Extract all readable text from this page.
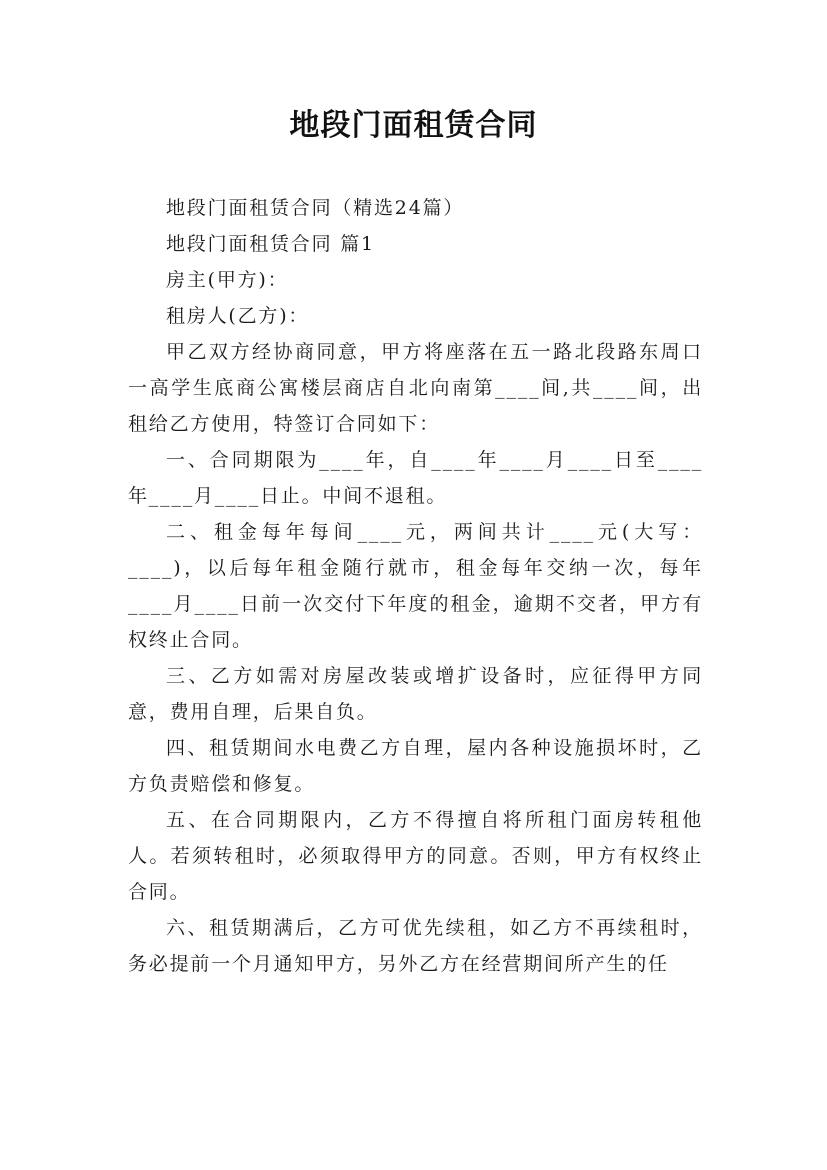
地段门面租赁合同

地段门面租赁合同（精选24篇）

地段门面租赁合同 篇1

房主(甲方)：

租房人(乙方)：

甲乙双方经协商同意，甲方将座落在五一路北段路东周口一高学生底商公寓楼层商店自北向南第____间,共____间，出租给乙方使用，特签订合同如下：

一、合同期限为____年，自____年____月____日至____年____月____日止。中间不退租。

二、租金每年每间____元，两间共计____元(大写：____)，以后每年租金随行就市，租金每年交纳一次，每年____月____日前一次交付下年度的租金，逾期不交者，甲方有权终止合同。

三、乙方如需对房屋改装或增扩设备时，应征得甲方同意，费用自理，后果自负。

四、租赁期间水电费乙方自理，屋内各种设施损坏时，乙方负责赔偿和修复。

五、在合同期限内，乙方不得擅自将所租门面房转租他人。若须转租时，必须取得甲方的同意。否则，甲方有权终止合同。

六、租赁期满后，乙方可优先续租，如乙方不再续租时，务必提前一个月通知甲方，另外乙方在经营期间所产生的任
